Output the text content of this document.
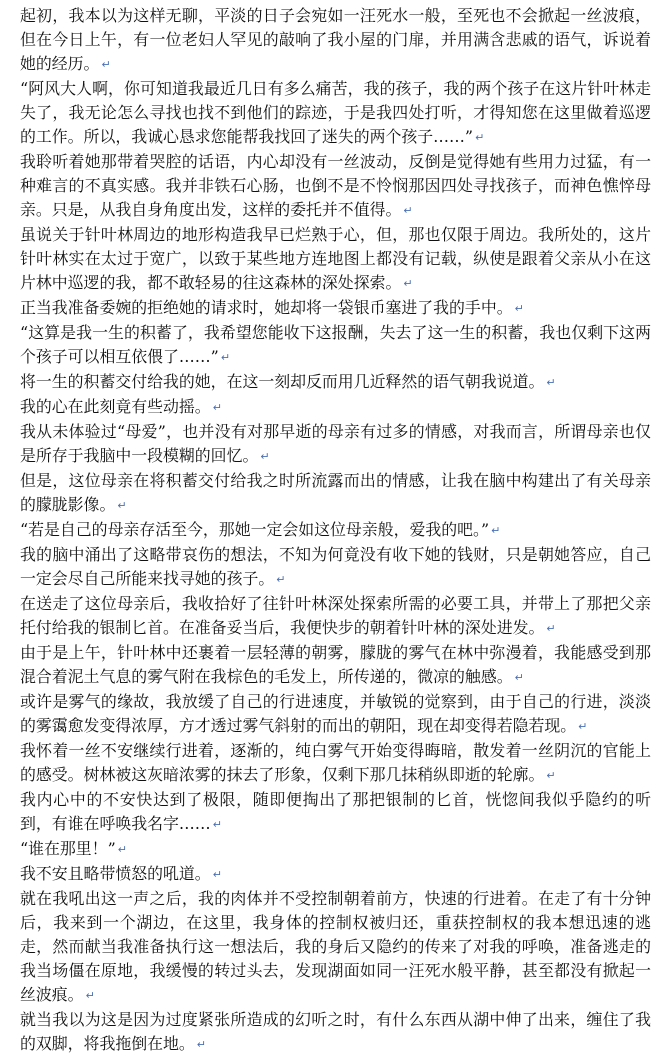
起初，我本以为这样无聊，平淡的日子会宛如一汪死水一般，至死也不会掀起一丝波痕，但在今日上午，有一位老妇人罕见的敲响了我小屋的门扉，并用满含悲戚的语气，诉说着她的经历。 ↵

“阿风大人啊，你可知道我最近几日有多么痛苦，我的孩子，我的两个孩子在这片针叶林走失了，我无论怎么寻找也找不到他们的踪迹，于是我四处打听，才得知您在这里做着巡逻的工作。所以，我诚心恳求您能帮我找回了迷失的两个孩子……” ↵

我聆听着她那带着哭腔的话语，内心却没有一丝波动，反倒是觉得她有些用力过猛，有一种难言的不真实感。我并非铁石心肠，也倒不是不怜悯那因四处寻找孩子，而神色憔悴母亲。只是，从我自身角度出发，这样的委托并不值得。 ↵

虽说关于针叶林周边的地形构造我早已烂熟于心，但，那也仅限于周边。我所处的，这片针叶林实在太过于宽广，以致于某些地方连地图上都没有记载，纵使是跟着父亲从小在这片林中巡逻的我，都不敢轻易的往这森林的深处探索。 ↵

正当我准备委婉的拒绝她的请求时，她却将一袋银币塞进了我的手中。 ↵

“这算是我一生的积蓄了，我希望您能收下这报酬，失去了这一生的积蓄，我也仅剩下这两个孩子可以相互依偎了……” ↵

将一生的积蓄交付给我的她，在这一刻却反而用几近释然的语气朝我说道。 ↵

我的心在此刻竟有些动摇。 ↵

我从未体验过“母爱”，也并没有对那早逝的母亲有过多的情感，对我而言，所谓母亲也仅是所存于我脑中一段模糊的回忆。 ↵

但是，这位母亲在将积蓄交付给我之时所流露而出的情感，让我在脑中构建出了有关母亲的朦胧影像。 ↵

“若是自己的母亲存活至今，那她一定会如这位母亲般，爱我的吧。” ↵

我的脑中涌出了这略带哀伤的想法，不知为何竟没有收下她的钱财，只是朝她答应，自己一定会尽自己所能来找寻她的孩子。 ↵

在送走了这位母亲后，我收拾好了往针叶林深处探索所需的必要工具，并带上了那把父亲托付给我的银制匕首。在准备妥当后，我便快步的朝着针叶林的深处进发。 ↵

由于是上午，针叶林中还裹着一层轻薄的朝雾，朦胧的雾气在林中弥漫着，我能感受到那混合着泥土气息的雾气附在我棕色的毛发上，所传递的，微凉的触感。 ↵

或许是雾气的缘故，我放缓了自己的行进速度，并敏锐的觉察到，由于自己的行进，淡淡的雾霭愈发变得浓厚，方才透过雾气斜射的而出的朝阳，现在却变得若隐若现。 ↵

我怀着一丝不安继续行进着，逐渐的，纯白雾气开始变得晦暗，散发着一丝阴沉的官能上的感受。树林被这灰暗浓雾的抹去了形象，仅剩下那几抹稍纵即逝的轮廓。 ↵

我内心中的不安快达到了极限，随即便掏出了那把银制的匕首，恍惚间我似乎隐约的听到，有谁在呼唤我名字…… ↵

“谁在那里！” ↵

我不安且略带愤怒的吼道。 ↵

就在我吼出这一声之后，我的肉体并不受控制朝着前方，快速的行进着。在走了有十分钟后，我来到一个湖边，在这里，我身体的控制权被归还，重获控制权的我本想迅速的逃走，然而献当我准备执行这一想法后，我的身后又隐约的传来了对我的呼唤，准备逃走的我当场僵在原地，我缓慢的转过头去，发现湖面如同一汪死水般平静，甚至都没有掀起一丝波痕。 ↵

就当我以为这是因为过度紧张所造成的幻听之时，有什么东西从湖中伸了出来，缠住了我的双脚，将我拖倒在地。 ↵
